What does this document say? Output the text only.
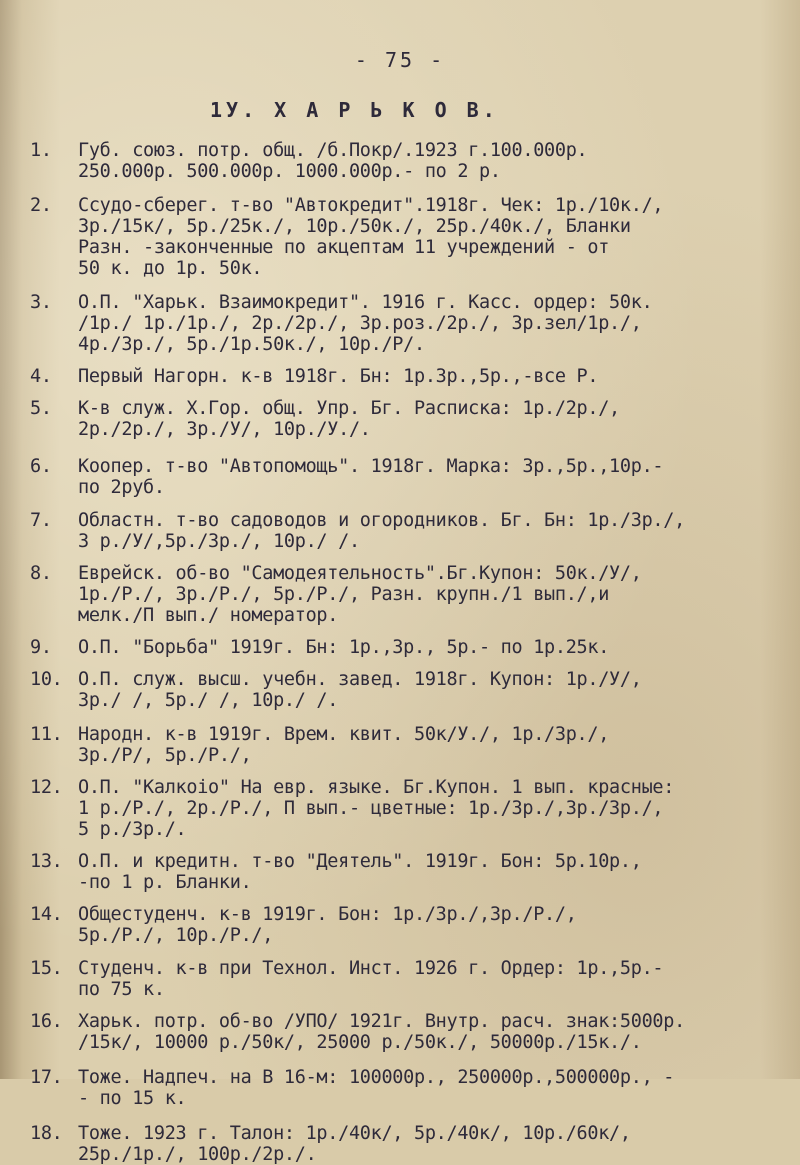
- 75 -
1У. Х А Р Ь К О В.
1. Губ. союз. потр. общ. /б.Покр/.1923 г.100.000р.
250.000р. 500.000р. 1000.000р.- по 2 р.
2. Ссудо-сберег. т-во "Автокредит".1918г. Чек: 1р./10к./,
3р./15к/, 5р./25к./, 10р./50к./, 25р./40к./, Бланки
Разн. -законченные по акцептам 11 учреждений - от
50 к. до 1р. 50к.
3. О.П. "Харьк. Взаимокредит". 1916 г. Касс. ордер: 50к.
/1р./ 1р./1р./, 2р./2р./, 3р.роз./2р./, 3р.зел/1р./,
4р./3р./, 5р./1р.50к./, 10р./Р/.
4. Первый Нагорн. к-в 1918г. Бн: 1р.3р.,5р.,-все Р.
5. К-в служ. Х.Гор. общ. Упр. Бг. Расписка: 1р./2р./,
2р./2р./, 3р./У/, 10р./У./.
6. Коопер. т-во "Автопомощь". 1918г. Марка: 3р.,5р.,10р.-
по 2руб.
7. Областн. т-во садоводов и огородников. Бг. Бн: 1р./3р./,
3 р./У/,5р./3р./, 10р./ /.
8. Еврейск. об-во "Самодеятельность".Бг.Купон: 50к./У/,
1р./Р./, 3р./Р./, 5р./Р./, Разн. крупн./1 вып./,и
мелк./П вып./ номератор.
9. О.П. "Борьба" 1919г. Бн: 1р.,3р., 5р.- по 1р.25к.
10. О.П. служ. высш. учебн. завед. 1918г. Купон: 1р./У/,
3р./ /, 5р./ /, 10р./ /.
11. Народн. к-в 1919г. Врем. квит. 50к/У./, 1р./3р./,
3р./Р/, 5р./Р./,
12. О.П. "Калкоіо" На евр. языке. Бг.Купон. 1 вып. красные:
1 р./Р./, 2р./Р./, П вып.- цветные: 1р./3р./,3р./3р./,
5 р./3р./.
13. О.П. и кредитн. т-во "Деятель". 1919г. Бон: 5р.10р.,
-по 1 р. Бланки.
14. Общестуденч. к-в 1919г. Бон: 1р./3р./,3р./Р./,
5р./Р./, 10р./Р./,
15. Студенч. к-в при Технол. Инст. 1926 г. Ордер: 1р.,5р.-
по 75 к.
16. Харьк. потр. об-во /УПО/ 1921г. Внутр. расч. знак:5000р.
/15к/, 10000 р./50к/, 25000 р./50к./, 50000р./15к./.
17. Тоже. Надпеч. на В 16-м: 100000р., 250000р.,500000р., -
- по 15 к.
18. Тоже. 1923 г. Талон: 1р./40к/, 5р./40к/, 10р./60к/,
25р./1р./, 100р./2р./.
